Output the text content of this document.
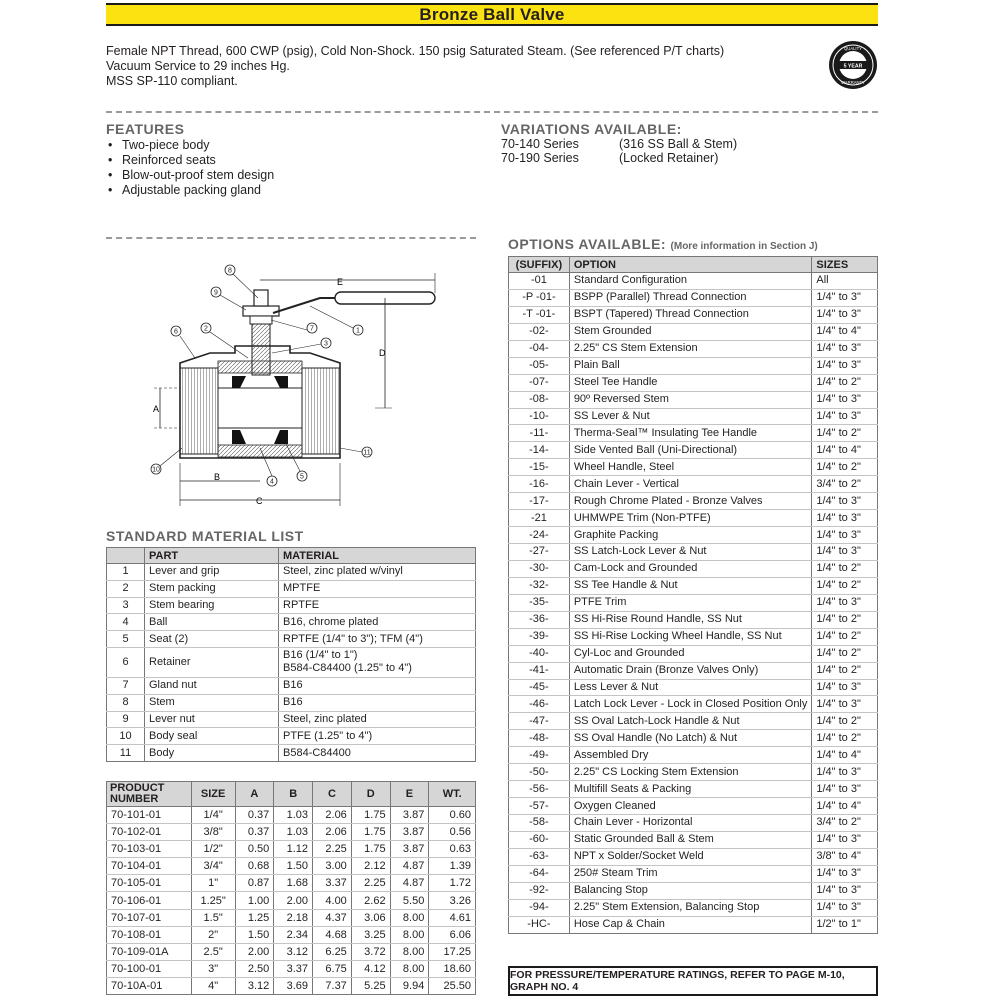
Bronze Ball Valve
Female NPT Thread, 600 CWP (psig), Cold Non-Shock. 150 psig Saturated Steam. (See referenced P/T charts)
Vacuum Service to 29 inches Hg.
MSS SP-110 compliant.
QUALITY
5 YEAR
WARRANTY
FEATURES
• Two-piece body
• Reinforced seats
• Blow-out-proof stem design
• Adjustable packing gland
VARIATIONS AVAILABLE:
70-140 Series	(316 SS Ball & Stem)
70-190 Series	(Locked Retainer)
A
B
C
D
E
1
2
3
4
5
6	7
8
9
10
11
OPTIONS AVAILABLE: (More information in Section J)
(SUFFIX)	OPTION	SIZES
-01	Standard Configuration	All
-P -01-	BSPP (Parallel) Thread Connection	1/4" to 3"
-T -01-	BSPT (Tapered) Thread Connection	1/4" to 3"
-02-	Stem Grounded	1/4" to 4"
-04-	2.25" CS Stem Extension	1/4" to 3"
-05-	Plain Ball	1/4" to 3"
-07-	Steel Tee Handle	1/4" to 2"
-08-	90º Reversed Stem	1/4" to 3"
-10-	SS Lever & Nut	1/4" to 3"
-11-	Therma-Seal™ Insulating Tee Handle	1/4" to 2"
-14-	Side Vented Ball (Uni-Directional)	1/4" to 4"
-15-	Wheel Handle, Steel	1/4" to 2"
-16-	Chain Lever - Vertical	3/4" to 2"
-17-	Rough Chrome Plated - Bronze Valves	1/4" to 3"
-21	UHMWPE Trim (Non-PTFE)	1/4" to 3"
-24-	Graphite Packing	1/4" to 3"
-27-	SS Latch-Lock Lever & Nut	1/4" to 3"
-30-	Cam-Lock and Grounded	1/4" to 2"
-32-	SS Tee Handle & Nut	1/4" to 2"
-35-	PTFE Trim	1/4" to 3"
-36-	SS Hi-Rise Round Handle, SS Nut	1/4" to 2"
-39-	SS Hi-Rise Locking Wheel Handle, SS Nut	1/4" to 2"
-40-	Cyl-Loc and Grounded	1/4" to 2"
-41-	Automatic Drain (Bronze Valves Only)	1/4" to 2"
-45-	Less Lever & Nut	1/4" to 3"
-46-	Latch Lock Lever - Lock in Closed Position Only	1/4" to 3"
-47-	SS Oval Latch-Lock Handle & Nut	1/4" to 2"
-48-	SS Oval Handle (No Latch) & Nut	1/4" to 2"
-49-	Assembled Dry	1/4" to 4"
-50-	2.25" CS Locking Stem Extension	1/4" to 3"
-56-	Multifill Seats & Packing	1/4" to 3"
-57-	Oxygen Cleaned	1/4" to 4"
-58-	Chain Lever - Horizontal	3/4" to 2"
-60-	Static Grounded Ball & Stem	1/4" to 3"
-63-	NPT x Solder/Socket Weld	3/8" to 4"
-64-	250# Steam Trim	1/4" to 3"
-92-	Balancing Stop	1/4" to 3"
-94-	2.25" Stem Extension, Balancing Stop	1/4" to 3"
-HC-	Hose Cap & Chain	1/2" to 1"
STANDARD MATERIAL LIST
	PART	MATERIAL
1	Lever and grip	Steel, zinc plated w/vinyl

2	Stem packing	MPTFE

3	Stem bearing	RPTFE

4	Ball	B16, chrome plated

5	Seat (2)	RPTFE (1/4" to 3"); TFM (4")

6	Retainer	B16 (1/4" to 1")
B584-C84400 (1.25" to 4")

7	Gland nut	B16

8	Stem	B16

9	Lever nut	Steel, zinc plated

10	Body seal	PTFE (1.25" to 4")

11	Body	B584-C84400
PRODUCT
NUMBER	SIZE	A	B	C	D	E	WT.
70-101-01	1/4"	0.37	1.03	2.06	1.75	3.87	0.60
70-102-01	3/8"	0.37	1.03	2.06	1.75	3.87	0.56
70-103-01	1/2"	0.50	1.12	2.25	1.75	3.87	0.63
70-104-01	3/4"	0.68	1.50	3.00	2.12	4.87	1.39
70-105-01	1"	0.87	1.68	3.37	2.25	4.87	1.72
70-106-01	1.25"	1.00	2.00	4.00	2.62	5.50	3.26
70-107-01	1.5"	1.25	2.18	4.37	3.06	8.00	4.61
70-108-01	2"	1.50	2.34	4.68	3.25	8.00	6.06
70-109-01A	2.5"	2.00	3.12	6.25	3.72	8.00	17.25
70-100-01	3"	2.50	3.37	6.75	4.12	8.00	18.60
70-10A-01	4"	3.12	3.69	7.37	5.25	9.94	25.50
FOR PRESSURE/TEMPERATURE RATINGS, REFER TO PAGE M-10, GRAPH NO. 4
